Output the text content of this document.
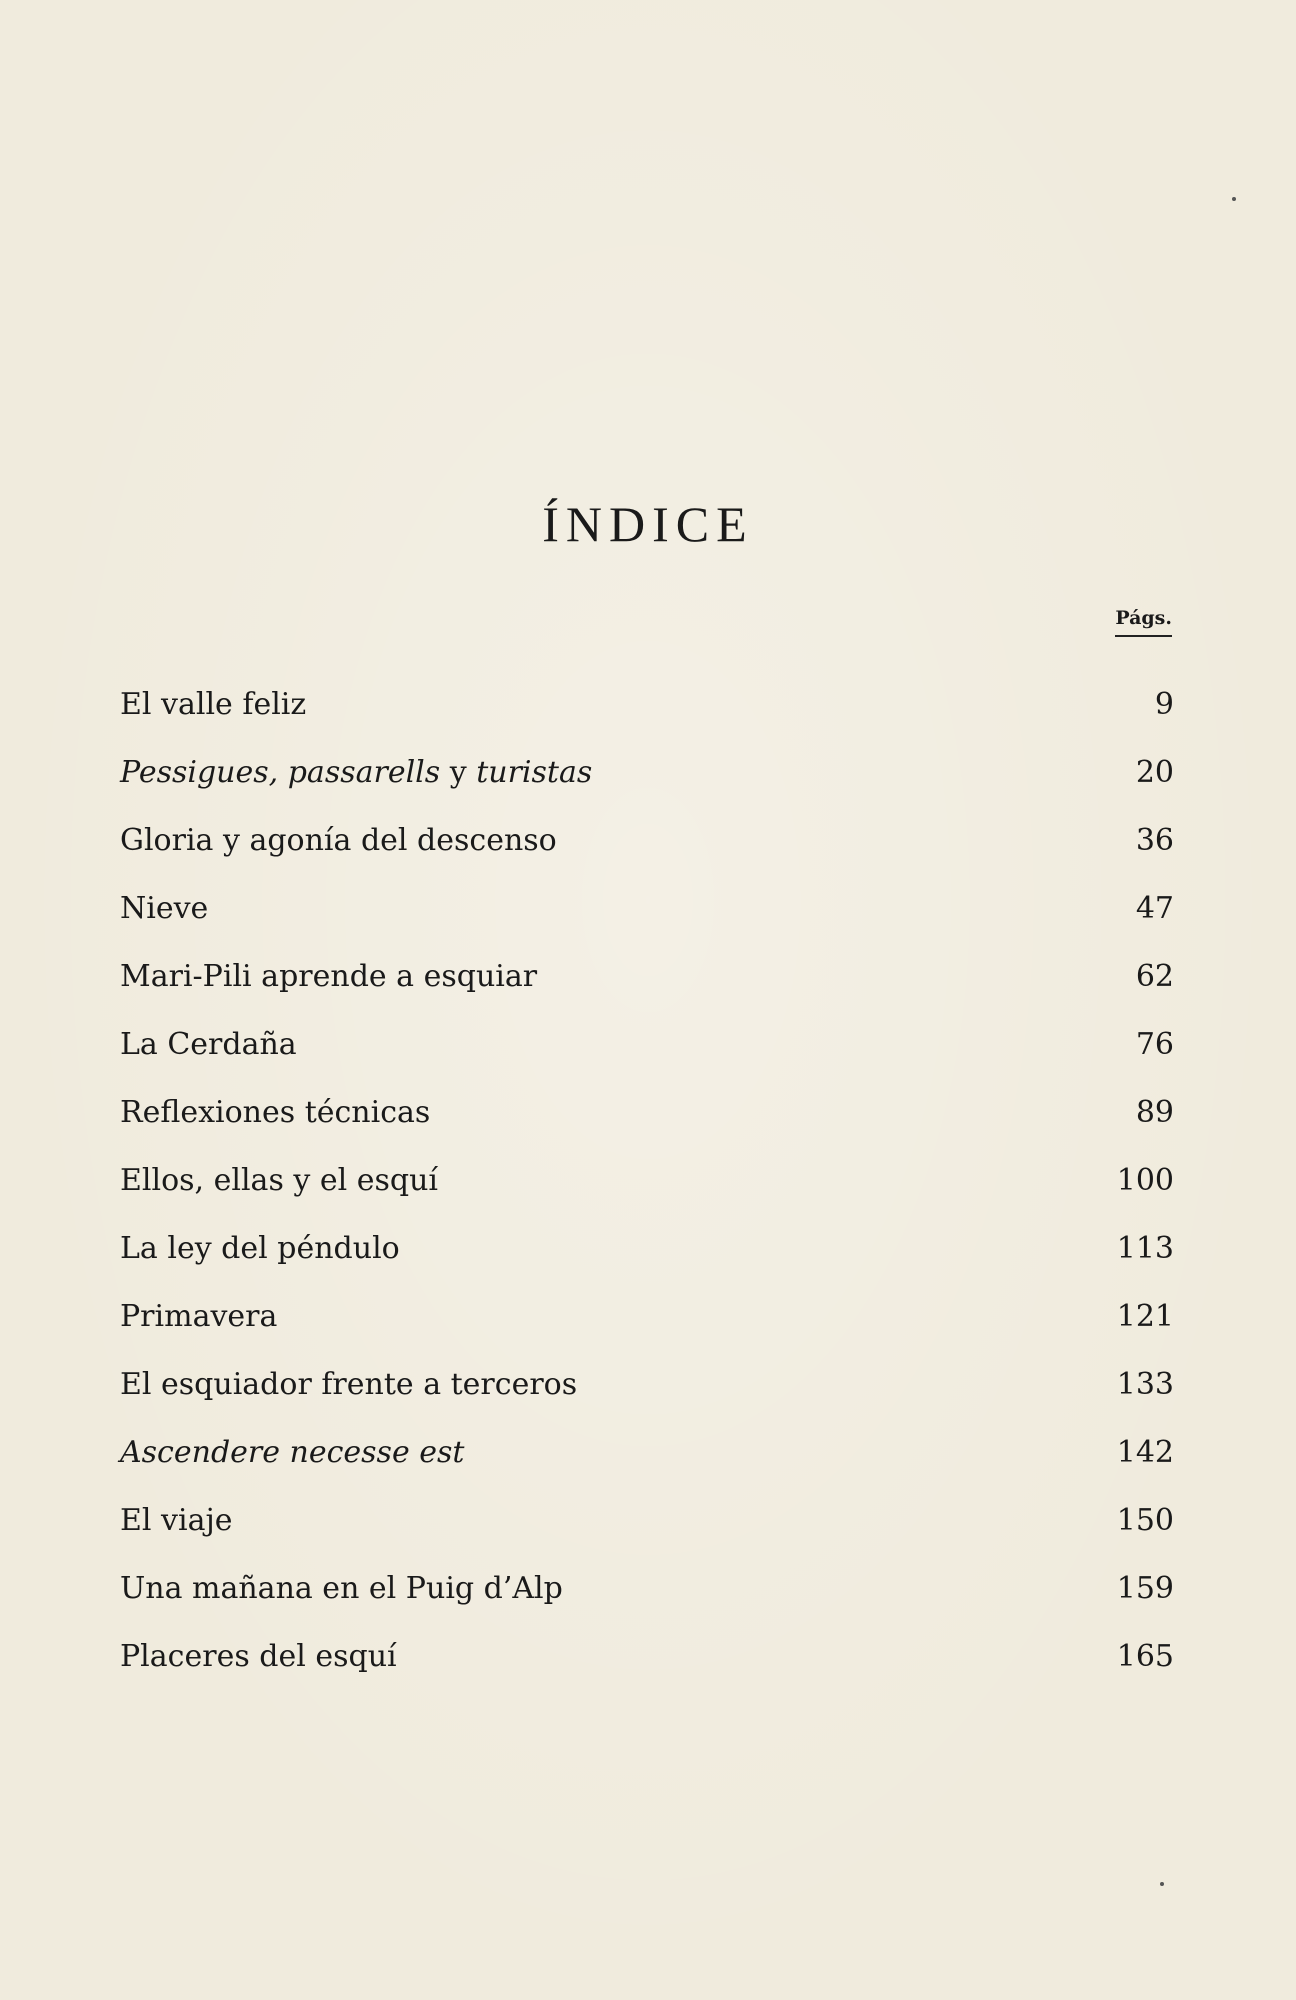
ÍNDICE
Págs.
El valle feliz	9
Pessigues, passarells y turistas	20
Gloria y agonía del descenso	36
Nieve	47
Mari-Pili aprende a esquiar	62
La Cerdaña	76
Reflexiones técnicas	89
Ellos, ellas y el esquí	100
La ley del péndulo	113
Primavera	121
El esquiador frente a terceros	133
Ascendere necesse est	142
El viaje	150
Una mañana en el Puig d’Alp	159
Placeres del esquí	165
